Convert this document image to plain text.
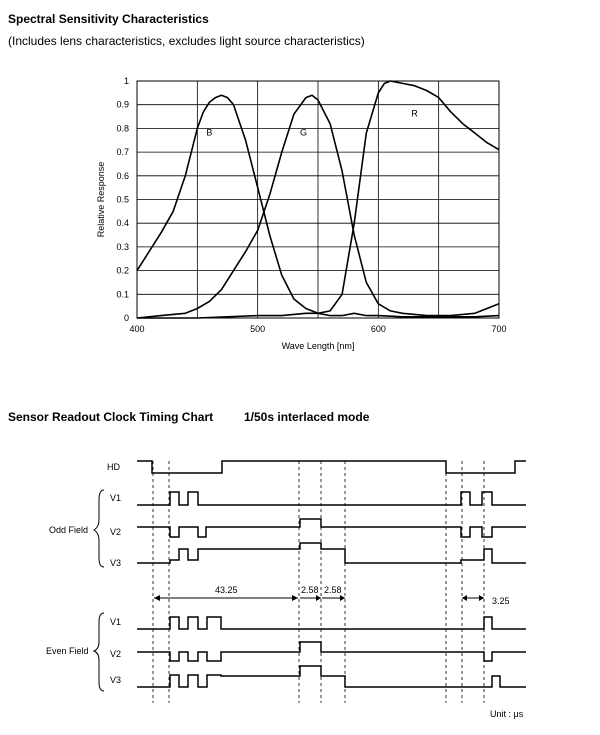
Spectral Sensitivity Characteristics
(Includes lens characteristics, excludes light source characteristics)
Sensor Readout Clock Timing Chart	1/50s interlaced mode
0
0.1
0.2
0.3
0.4
0.5
0.6
0.7
0.8
0.9
1
400	500	600	700
Wave Length [nm]
Relative Response
B	G
R
HD
Odd Field
V1
V2
V3
43.25	2.58 2.58
3.25
Even Field
V1
V2
V3
Unit : μs
